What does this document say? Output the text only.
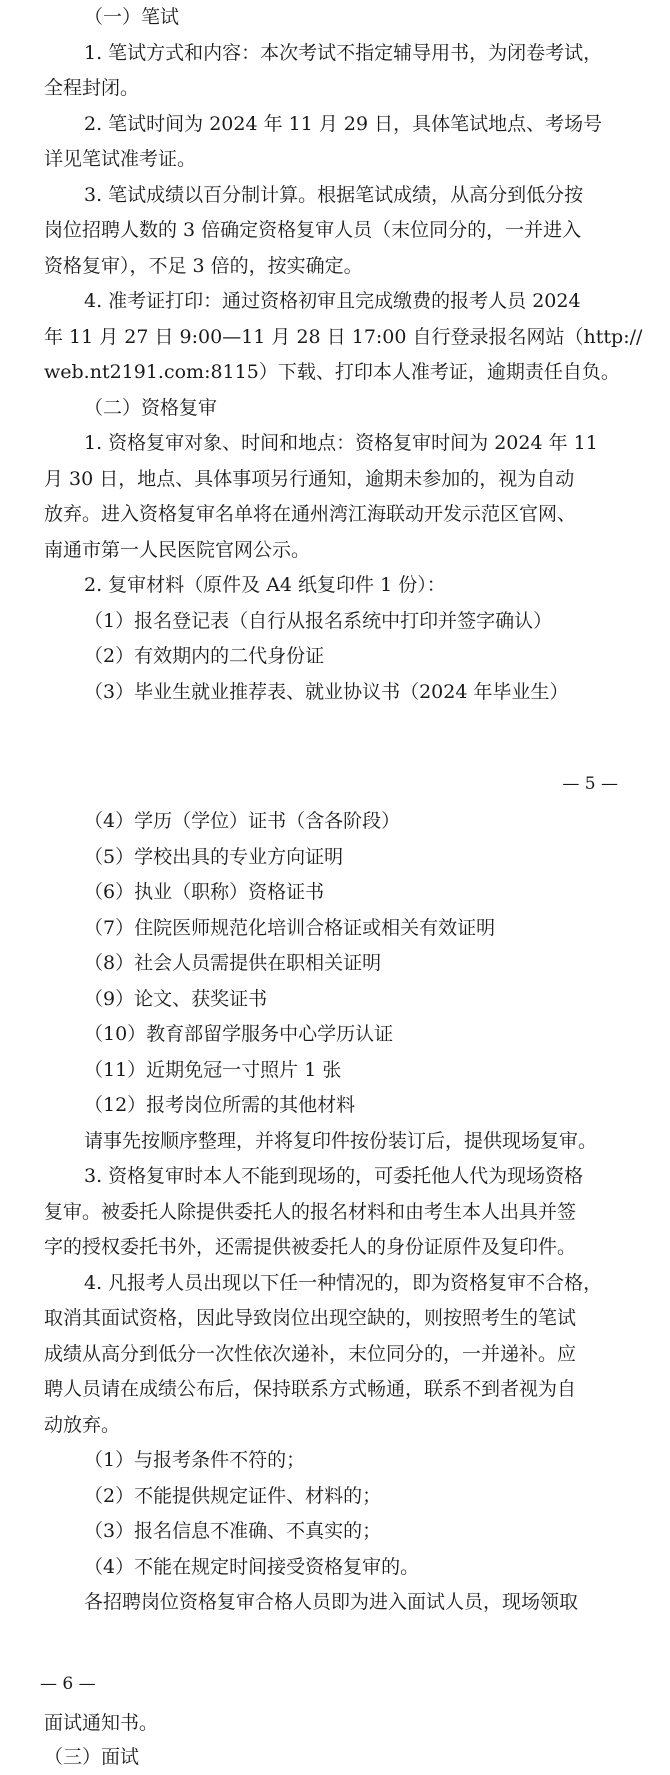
（一）笔试
1. 笔试方式和内容：本次考试不指定辅导用书，为闭卷考试，
全程封闭。
2. 笔试时间为 2024 年 11 月 29 日，具体笔试地点、考场号
详见笔试准考证。
3. 笔试成绩以百分制计算。根据笔试成绩，从高分到低分按
岗位招聘人数的 3 倍确定资格复审人员（末位同分的，一并进入
资格复审），不足 3 倍的，按实确定。
4. 准考证打印：通过资格初审且完成缴费的报考人员 2024
年 11 月 27 日 9:00—11 月 28 日 17:00 自行登录报名网站（http://
web.nt2191.com:8115）下载、打印本人准考证，逾期责任自负。
（二）资格复审
1. 资格复审对象、时间和地点：资格复审时间为 2024 年 11
月 30 日，地点、具体事项另行通知，逾期未参加的，视为自动
放弃。进入资格复审名单将在通州湾江海联动开发示范区官网、
南通市第一人民医院官网公示。
2. 复审材料（原件及 A4 纸复印件 1 份）：
（1）报名登记表（自行从报名系统中打印并签字确认）
（2）有效期内的二代身份证
（3）毕业生就业推荐表、就业协议书（2024 年毕业生）
— 5 —
（4）学历（学位）证书（含各阶段）
（5）学校出具的专业方向证明
（6）执业（职称）资格证书
（7）住院医师规范化培训合格证或相关有效证明
（8）社会人员需提供在职相关证明
（9）论文、获奖证书
（10）教育部留学服务中心学历认证
（11）近期免冠一寸照片 1 张
（12）报考岗位所需的其他材料
请事先按顺序整理，并将复印件按份装订后，提供现场复审。
3. 资格复审时本人不能到现场的，可委托他人代为现场资格
复审。被委托人除提供委托人的报名材料和由考生本人出具并签
字的授权委托书外，还需提供被委托人的身份证原件及复印件。
4. 凡报考人员出现以下任一种情况的，即为资格复审不合格，
取消其面试资格，因此导致岗位出现空缺的，则按照考生的笔试
成绩从高分到低分一次性依次递补，末位同分的，一并递补。应
聘人员请在成绩公布后，保持联系方式畅通，联系不到者视为自
动放弃。
（1）与报考条件不符的；
（2）不能提供规定证件、材料的；
（3）报名信息不准确、不真实的；
（4）不能在规定时间接受资格复审的。
各招聘岗位资格复审合格人员即为进入面试人员，现场领取
— 6 —
面试通知书。
（三）面试
